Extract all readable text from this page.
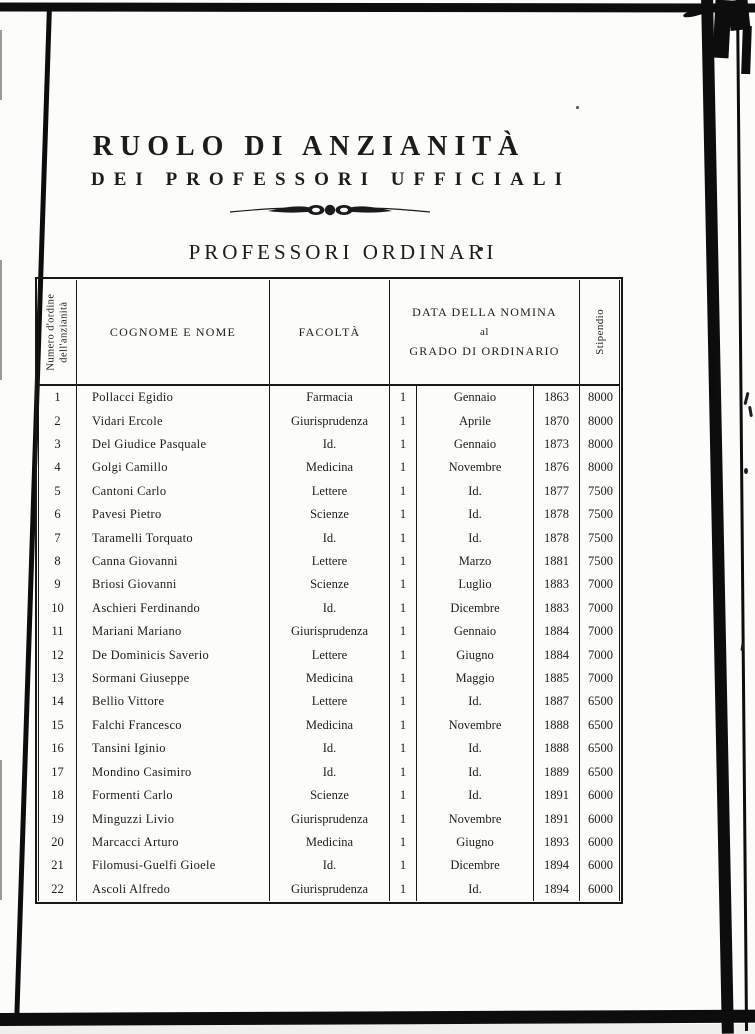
RUOLO DI ANZIANITÀ
DEI PROFESSORI UFFICIALI
PROFESSORI ORDINARI
Numero d'ordine dell'anzianità	COGNOME E NOME	FACOLTÀ
DATA DELLA NOMINA
al
GRADO DI ORDINARIO	Stipendio
1	Pollacci Egidio	Farmacia	1	Gennaio	1863	8000
2	Vidari Ercole	Giurisprudenza	1	Aprile	1870	8000
3	Del Giudice Pasquale	Id.	1	Gennaio	1873	8000
4	Golgi Camillo	Medicina	1	Novembre	1876	8000
5	Cantoni Carlo	Lettere	1	Id.	1877	7500
6	Pavesi Pietro	Scienze	1	Id.	1878	7500
7	Taramelli Torquato	Id.	1	Id.	1878	7500
8	Canna Giovanni	Lettere	1	Marzo	1881	7500
9	Briosi Giovanni	Scienze	1	Luglio	1883	7000
10	Aschieri Ferdinando	Id.	1	Dicembre	1883	7000
11	Mariani Mariano	Giurisprudenza	1	Gennaio	1884	7000
12	De Dominicis Saverio	Lettere	1	Giugno	1884	7000
13	Sormani Giuseppe	Medicina	1	Maggio	1885	7000
14	Bellio Vittore	Lettere	1	Id.	1887	6500
15	Falchi Francesco	Medicina	1	Novembre	1888	6500
16	Tansini Iginio	Id.	1	Id.	1888	6500
17	Mondino Casimiro	Id.	1	Id.	1889	6500
18	Formenti Carlo	Scienze	1	Id.	1891	6000
19	Minguzzi Livio	Giurisprudenza	1	Novembre	1891	6000
20	Marcacci Arturo	Medicina	1	Giugno	1893	6000
21	Filomusi-Guelfi Gioele	Id.	1	Dicembre	1894	6000
22	Ascoli Alfredo	Giurisprudenza	1	Id.	1894	6000
